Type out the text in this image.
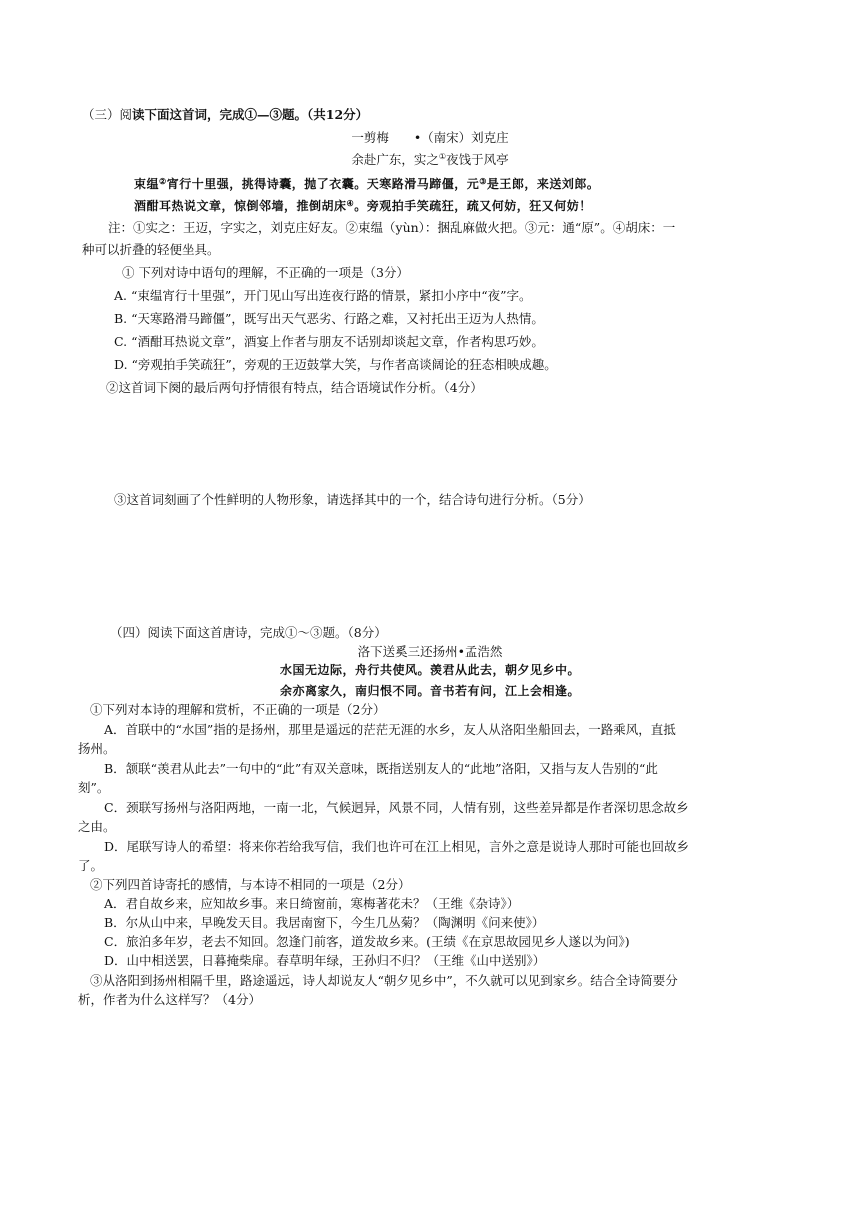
（三）阅读下面这首词，完成①—③题。（共12分）
一剪梅　　•（南宋）刘克庄
余赴广东，实之①夜饯于风亭
束缊②宵行十里强，挑得诗囊，抛了衣囊。天寒路滑马蹄僵，元③是王郎，来送刘郎。
酒酣耳热说文章，惊倒邻墙，推倒胡床④。旁观拍手笑疏狂，疏又何妨，狂又何妨！
注：①实之：王迈，字实之，刘克庄好友。②束缊（yùn）：捆乱麻做火把。③元：通“原”。④胡床：一
种可以折叠的轻便坐具。
① 下列对诗中语句的理解，不正确的一项是（3分）
A. “束缊宵行十里强”，开门见山写出连夜行路的情景，紧扣小序中“夜”字。
B. “天寒路滑马蹄僵”，既写出天气恶劣、行路之难，又衬托出王迈为人热情。
C. “酒酣耳热说文章”，酒宴上作者与朋友不话别却谈起文章，作者构思巧妙。
D. “旁观拍手笑疏狂”，旁观的王迈鼓掌大笑，与作者高谈阔论的狂态相映成趣。
②这首词下阕的最后两句抒情很有特点，结合语境试作分析。（4分）
③这首词刻画了个性鲜明的人物形象，请选择其中的一个，结合诗句进行分析。（5分）
（四）阅读下面这首唐诗，完成①～③题。（8分）
洛下送奚三还扬州•孟浩然
水国无边际，舟行共使风。羡君从此去，朝夕见乡中。
余亦离家久，南归恨不同。音书若有问，江上会相逢。
①下列对本诗的理解和赏析，不正确的一项是（2分）
A．首联中的“水国”指的是扬州，那里是遥远的茫茫无涯的水乡，友人从洛阳坐船回去，一路乘风，直抵
扬州。
B．颔联“羡君从此去”一句中的“此”有双关意味，既指送别友人的“此地”洛阳，又指与友人告别的“此
刻”。
C．颈联写扬州与洛阳两地，一南一北，气候迥异，风景不同，人情有别，这些差异都是作者深切思念故乡
之由。
D．尾联写诗人的希望：将来你若给我写信，我们也许可在江上相见，言外之意是说诗人那时可能也回故乡
了。
②下列四首诗寄托的感情，与本诗不相同的一项是（2分）
A．君自故乡来，应知故乡事。来日绮窗前，寒梅著花未？（王维《杂诗》）
B．尔从山中来，早晚发天目。我居南窗下，今生几丛菊？（陶渊明《问来使》）
C．旅泊多年岁，老去不知回。忽逢门前客，道发故乡来。(王绩《在京思故园见乡人遂以为问》)
D．山中相送罢，日暮掩柴扉。春草明年绿，王孙归不归？（王维《山中送别》）
③从洛阳到扬州相隔千里，路途遥远，诗人却说友人“朝夕见乡中”，不久就可以见到家乡。结合全诗简要分
析，作者为什么这样写？（4分）
